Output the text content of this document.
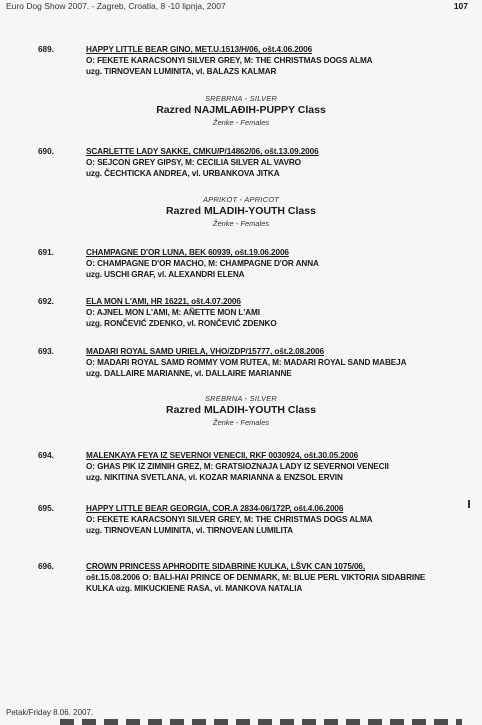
Euro Dog Show 2007. - Zagreb, Croatia, 8 -10 lipnja, 2007	107
689.	HAPPY LITTLE BEAR GINO, MET.U.1513/H/06, ošt.4.06.2006
O: FEKETE KARACSONYI SILVER GREY, M: THE CHRISTMAS DOGS ALMA
uzg. TIRNOVEAN LUMINITA, vl. BALAZS KALMAR
SREBRNA - SILVER
Razred NAJMLAĐIH-PUPPY Class
Ženke - Females
690.	SCARLETTE LADY SAKKE, CMKU/P/14862/06, ošt.13.09.2006
O: SEJCON GREY GIPSY, M: CECILIA SILVER AL VAVRO
uzg. ČECHTICKA ANDREA, vl. URBANKOVA JITKA
APRIKOT - APRICOT
Razred MLADIH-YOUTH Class
Ženke - Females
691.	CHAMPAGNE D'OR LUNA, BEK 60939, ošt.19.06.2006
O: CHAMPAGNE D'OR MACHO, M: CHAMPAGNE D'OR ANNA
uzg. USCHI GRAF, vl. ALEXANDRI ELENA
692.	ELA MON L'AMI, HR 16221, ošt.4.07.2006
O: AJNEL MON L'AMI, M: AÑETTE MON L'AMI
uzg. RONČEVIĆ ZDENKO, vl. RONČEVIĆ ZDENKO
693.	MADARI ROYAL SAMD URIELA, VHO/ZDP/15777, ošt.2.08.2006
O: MADARI ROYAL SAMD ROMMY VOM RUTEA, M: MADARI ROYAL SAND MABEJA
uzg. DALLAIRE MARIANNE, vl. DALLAIRE MARIANNE
SREBRNA - SILVER
Razred MLADIH-YOUTH Class
Ženke - Females
694.	MALENKAYA FEYA IZ SEVERNOI VENECII, RKF 0030924, ošt.30.05.2006
O: GHAS PIK IZ ZIMNIH GREZ, M: GRATSIOZNAJA LADY IZ SEVERNOI VENECII
uzg. NIKITINA SVETLANA, vl. KOZAR MARIANNA & ENZSOL ERVIN
695.	HAPPY LITTLE BEAR GEORGIA, COR.A 2834-06/172P, ošt.4.06.2006
O: FEKETE KARACSONYI SILVER GREY, M: THE CHRISTMAS DOGS ALMA
uzg. TIRNOVEAN LUMINITA, vl. TIRNOVEAN LUMILITA
696.	CROWN PRINCESS APHRODITE SIDABRINE KULKA, LŠVK CAN 1075/06,
ošt.15.08.2006 O: BALI-HAI PRINCE OF DENMARK, M: BLUE PERL VIKTORIA SIDABRINE
KULKA uzg. MIKUCKIENE RASA, vl. MANKOVA NATALIA
Petak/Friday 8.06. 2007.
